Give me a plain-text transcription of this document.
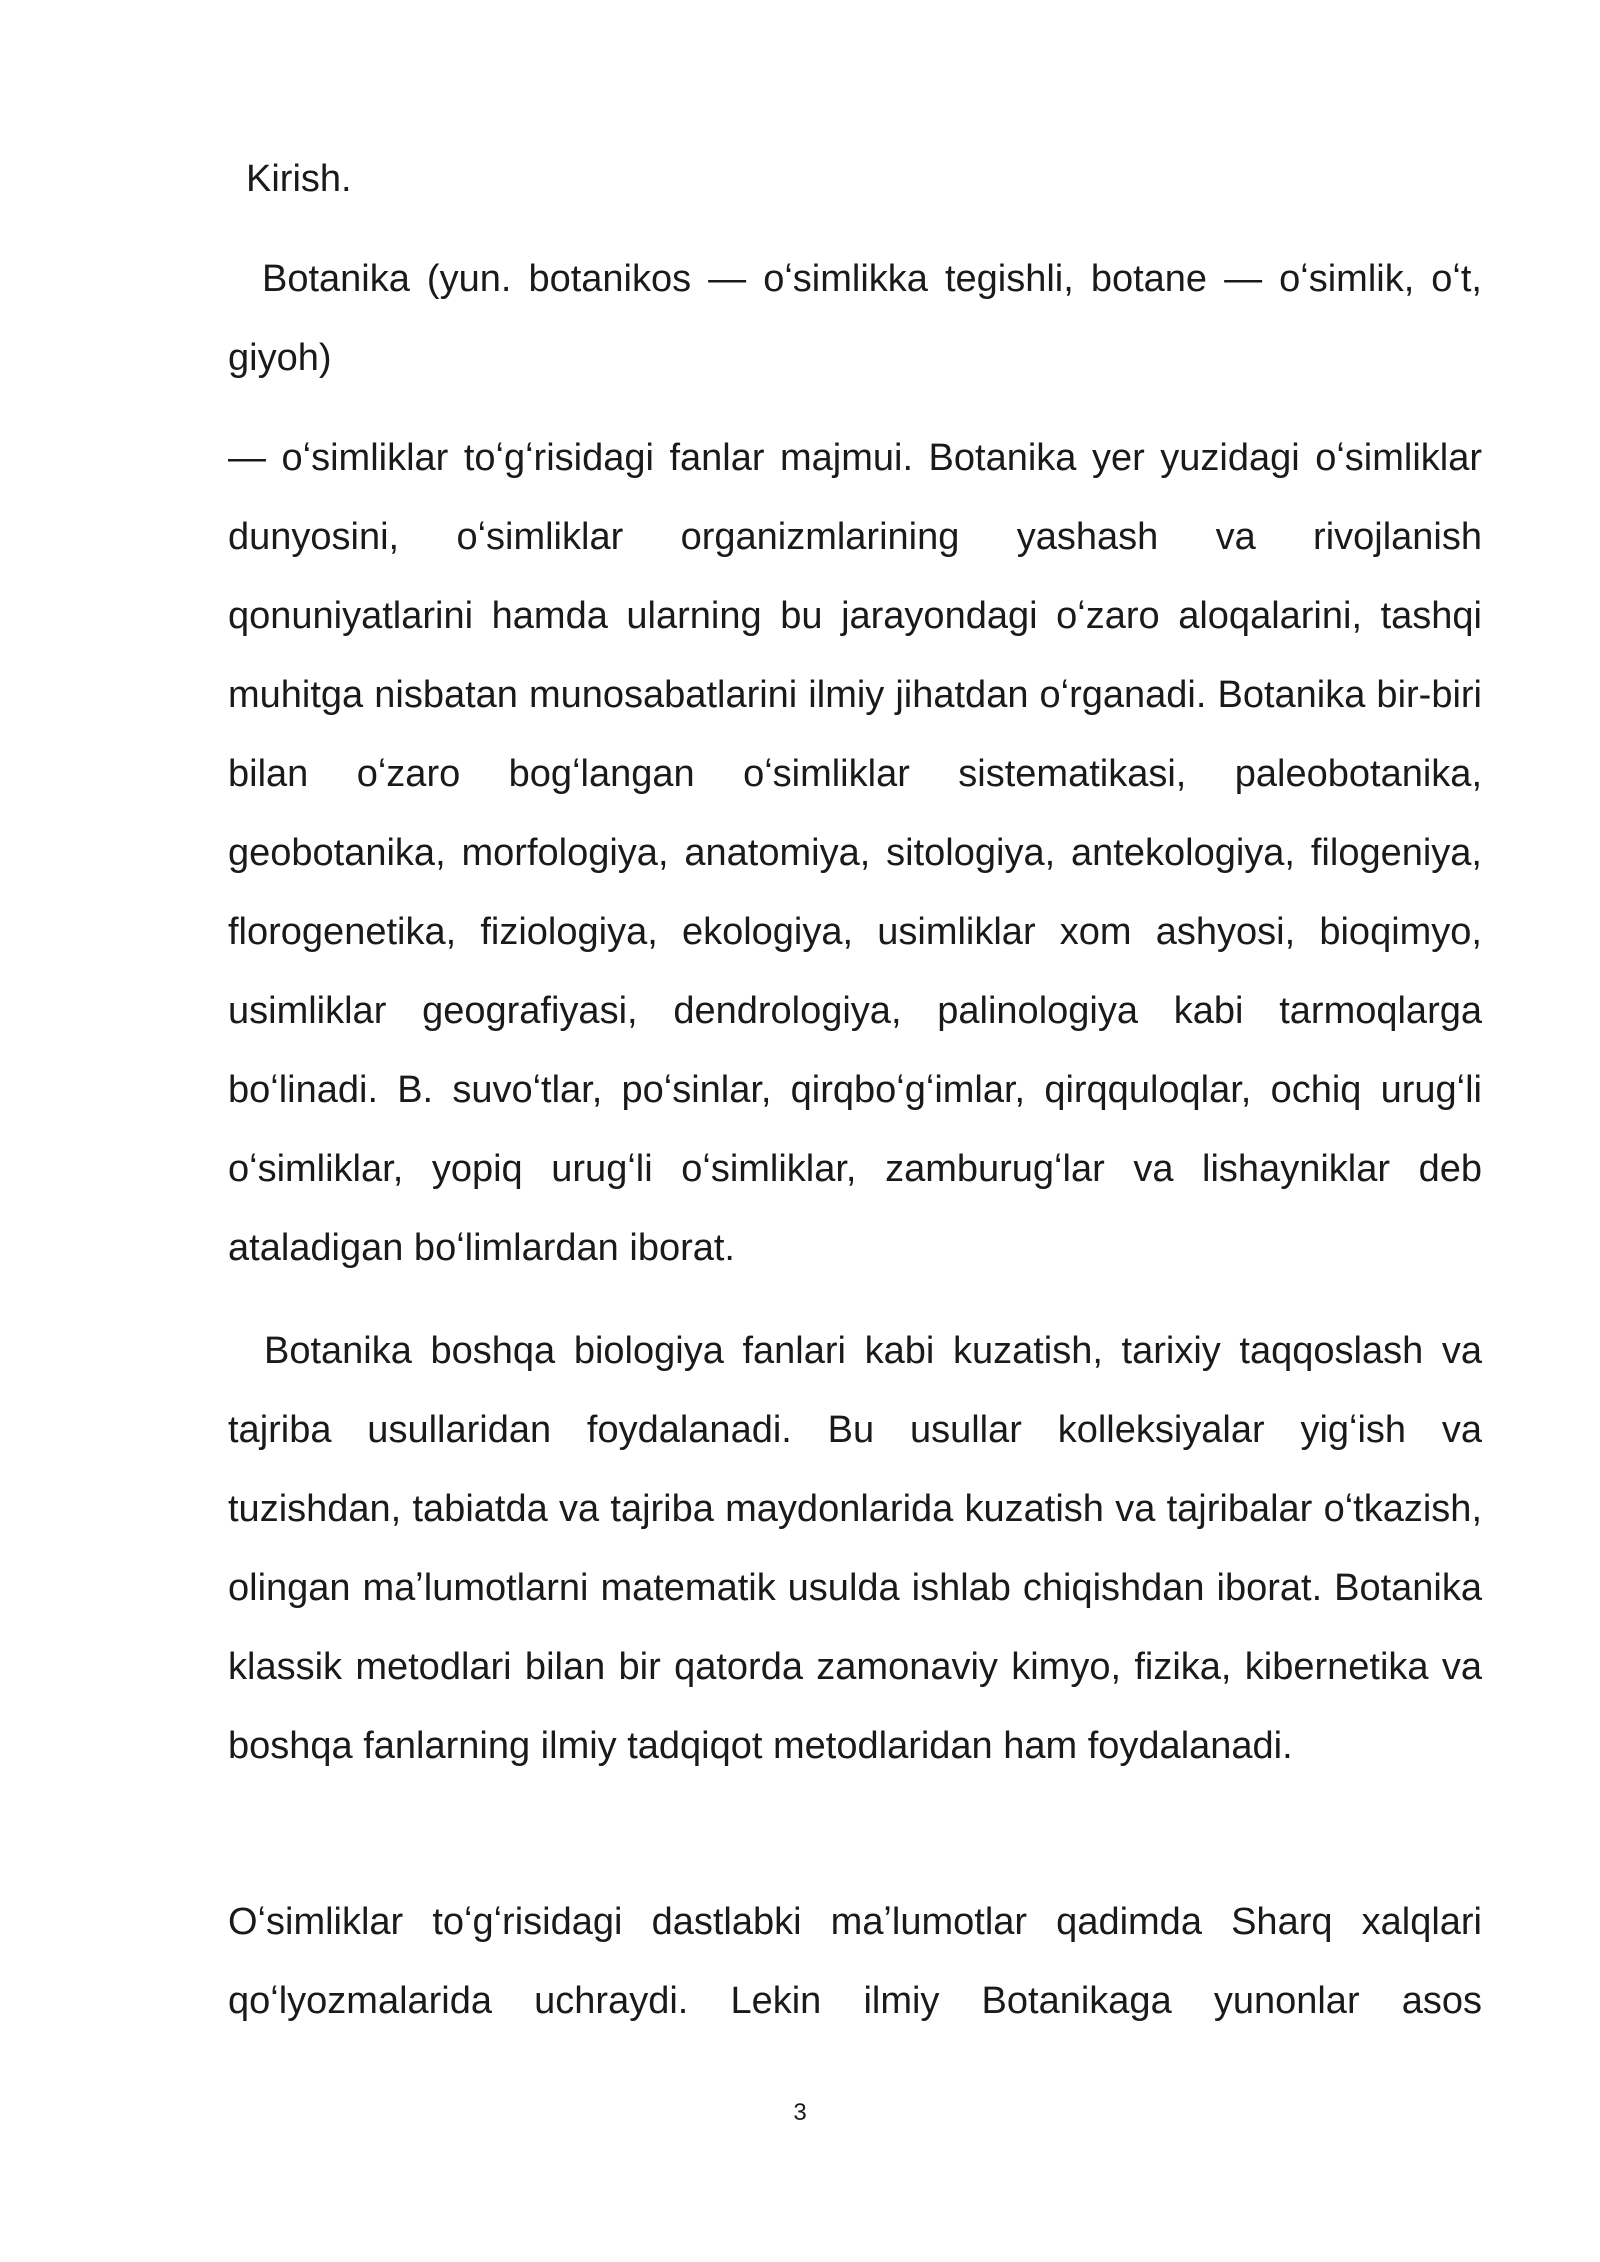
Kirish.

Botanika (yun. botanikos — oʻsimlikka tegishli, botane — oʻsimlik, oʻt,
giyoh)

— oʻsimliklar toʻgʻrisidagi fanlar majmui. Botanika yer yuzidagi oʻsimliklar dunyosini, oʻsimliklar organizmlarining yashash va rivojlanish qonuniyatlarini hamda ularning bu jarayondagi oʻzaro aloqalarini, tashqi muhitga nisbatan munosabatlarini ilmiy jihatdan oʻrganadi. Botanika bir-biri bilan oʻzaro bogʻlangan oʻsimliklar sistematikasi, paleobotanika, geobotanika, morfologiya, anatomiya, sitologiya, antekologiya, filogeniya, florogenetika, fiziologiya, ekologiya, usimliklar xom ashyosi, bioqimyo, usimliklar geografiyasi, dendrologiya, palinologiya kabi tarmoqlarga boʻlinadi. B. suvoʻtlar, poʻsinlar, qirqboʻgʻimlar, qirqquloqlar, ochiq urugʻli oʻsimliklar, yopiq urugʻli oʻsimliklar, zamburugʻlar va lishayniklar deb ataladigan boʻlimlardan iborat.

Botanika boshqa biologiya fanlari kabi kuzatish, tarixiy taqqoslash va tajriba usullaridan foydalanadi. Bu usullar kolleksiyalar yigʻish va tuzishdan, tabiatda va tajriba maydonlarida kuzatish va tajribalar oʻtkazish, olingan maʼlumotlarni matematik usulda ishlab chiqishdan iborat. Botanika klassik metodlari bilan bir qatorda zamonaviy kimyo, fizika, kibernetika va boshqa fanlarning ilmiy tadqiqot metodlaridan ham foydalanadi.

Oʻsimliklar toʻgʻrisidagi dastlabki maʼlumotlar qadimda Sharq xalqlari qoʻlyozmalarida uchraydi. Lekin ilmiy Botanikaga yunonlar asos

3
